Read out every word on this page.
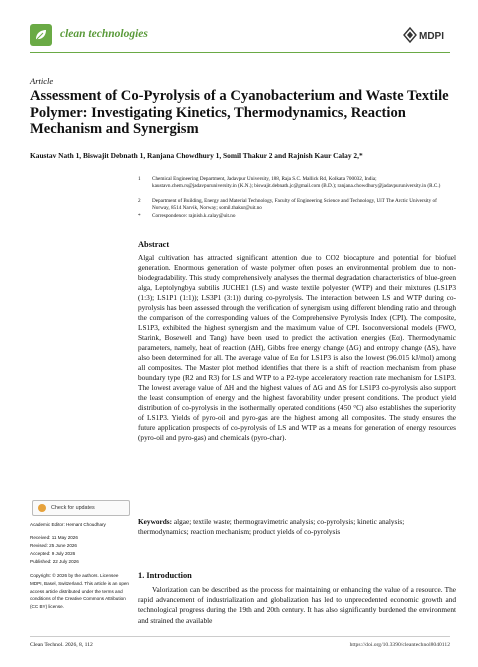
clean technologies	MDPI
Article
Assessment of Co-Pyrolysis of a Cyanobacterium and Waste Textile Polymer: Investigating Kinetics, Thermodynamics, Reaction Mechanism and Synergism
Kaustav Nath 1, Biswajit Debnath 1, Ranjana Chowdhury 1, Somil Thakur 2 and Rajnish Kaur Calay 2,*
1 Chemical Engineering Department, Jadavpur University, 188, Raja S.C. Mallick Rd, Kolkata 700032, India; kaustavn.chem.rs@jadavpuruniversity.in (K.N.); biswajit.debnath.jc@gmail.com (B.D.); ranjana.chowdhury@jadavpuruniversity.in (R.C.)
2 Department of Building, Energy and Material Technology, Faculty of Engineering Science and Technology, UiT The Arctic University of Norway, 8514 Narvik, Norway; somil.thakur@uit.no
* Correspondence: rajnish.k.calay@uit.no
Abstract
Algal cultivation has attracted significant attention due to CO2 biocapture and potential for biofuel generation. Enormous generation of waste polymer often poses an environmental problem due to non-biodegradability. This study comprehensively analyses the thermal degradation characteristics of blue-green alga, Leptolyngbya subtilis JUCHE1 (LS) and waste textile polyester (WTP) and their mixtures (LS1P3 (1:3); LS1P1 (1:1)); LS3P1 (3:1)) during co-pyrolysis. The interaction between LS and WTP during co-pyrolysis has been assessed through the verification of synergism using different blending ratio and through the comparison of the corresponding values of the Comprehensive Pyrolysis Index (CPI). The composite, LS1P3, exhibited the highest synergism and the maximum value of CPI. Isoconversional models (FWO, Starink, Bosewell and Tang) have been used to predict the activation energies (Eα). Thermodynamic parameters, namely, heat of reaction (ΔH), Gibbs free energy change (ΔG) and entropy change (ΔS), have also been determined for all. The average value of Eα for LS1P3 is also the lowest (96.015 kJ/mol) among all composites. The Master plot method identifies that there is a shift of reaction mechanism from phase boundary type (R2 and R3) for LS and WTP to a P2-type acceleratory reaction rate mechanism for LS1P3. The lowest average value of ΔH and the highest values of ΔG and ΔS for LS1P3 co-pyrolysis also support the least consumption of energy and the highest favorability under present conditions. The product yield distribution of co-pyrolysis in the isothermally operated conditions (450 °C) also establishes the superiority of LS1P3. Yields of pyro-oil and pyro-gas are the highest among all composites. The study ensures the future application prospects of co-pyrolysis of LS and WTP as a means for generation of energy resources (pyro-oil and pyro-gas) and chemicals (pyro-char).
Check for updates
Academic Editor: Hemant Choudhary
Received: 11 May 2026
Revised: 25 June 2026
Accepted: 9 July 2026
Published: 22 July 2026
Copyright: © 2026 by the authors. Licensee MDPI, Basel, Switzerland. This article is an open access article distributed under the terms and conditions of the Creative Commons Attribution (CC BY) license.
Keywords: algae; textile waste; thermogravimetric analysis; co-pyrolysis; kinetic analysis; thermodynamics; reaction mechanism; product yields of co-pyrolysis
1. Introduction
Valorization can be described as the process for maintaining or enhancing the value of a resource. The rapid advancement of industrialization and globalization has led to unprecedented economic growth and technological progress during the 19th and 20th century. It has also significantly burdened the environment and strained the available
Clean Technol. 2026, 8, 112	https://doi.org/10.3390/cleantechnol8040112
